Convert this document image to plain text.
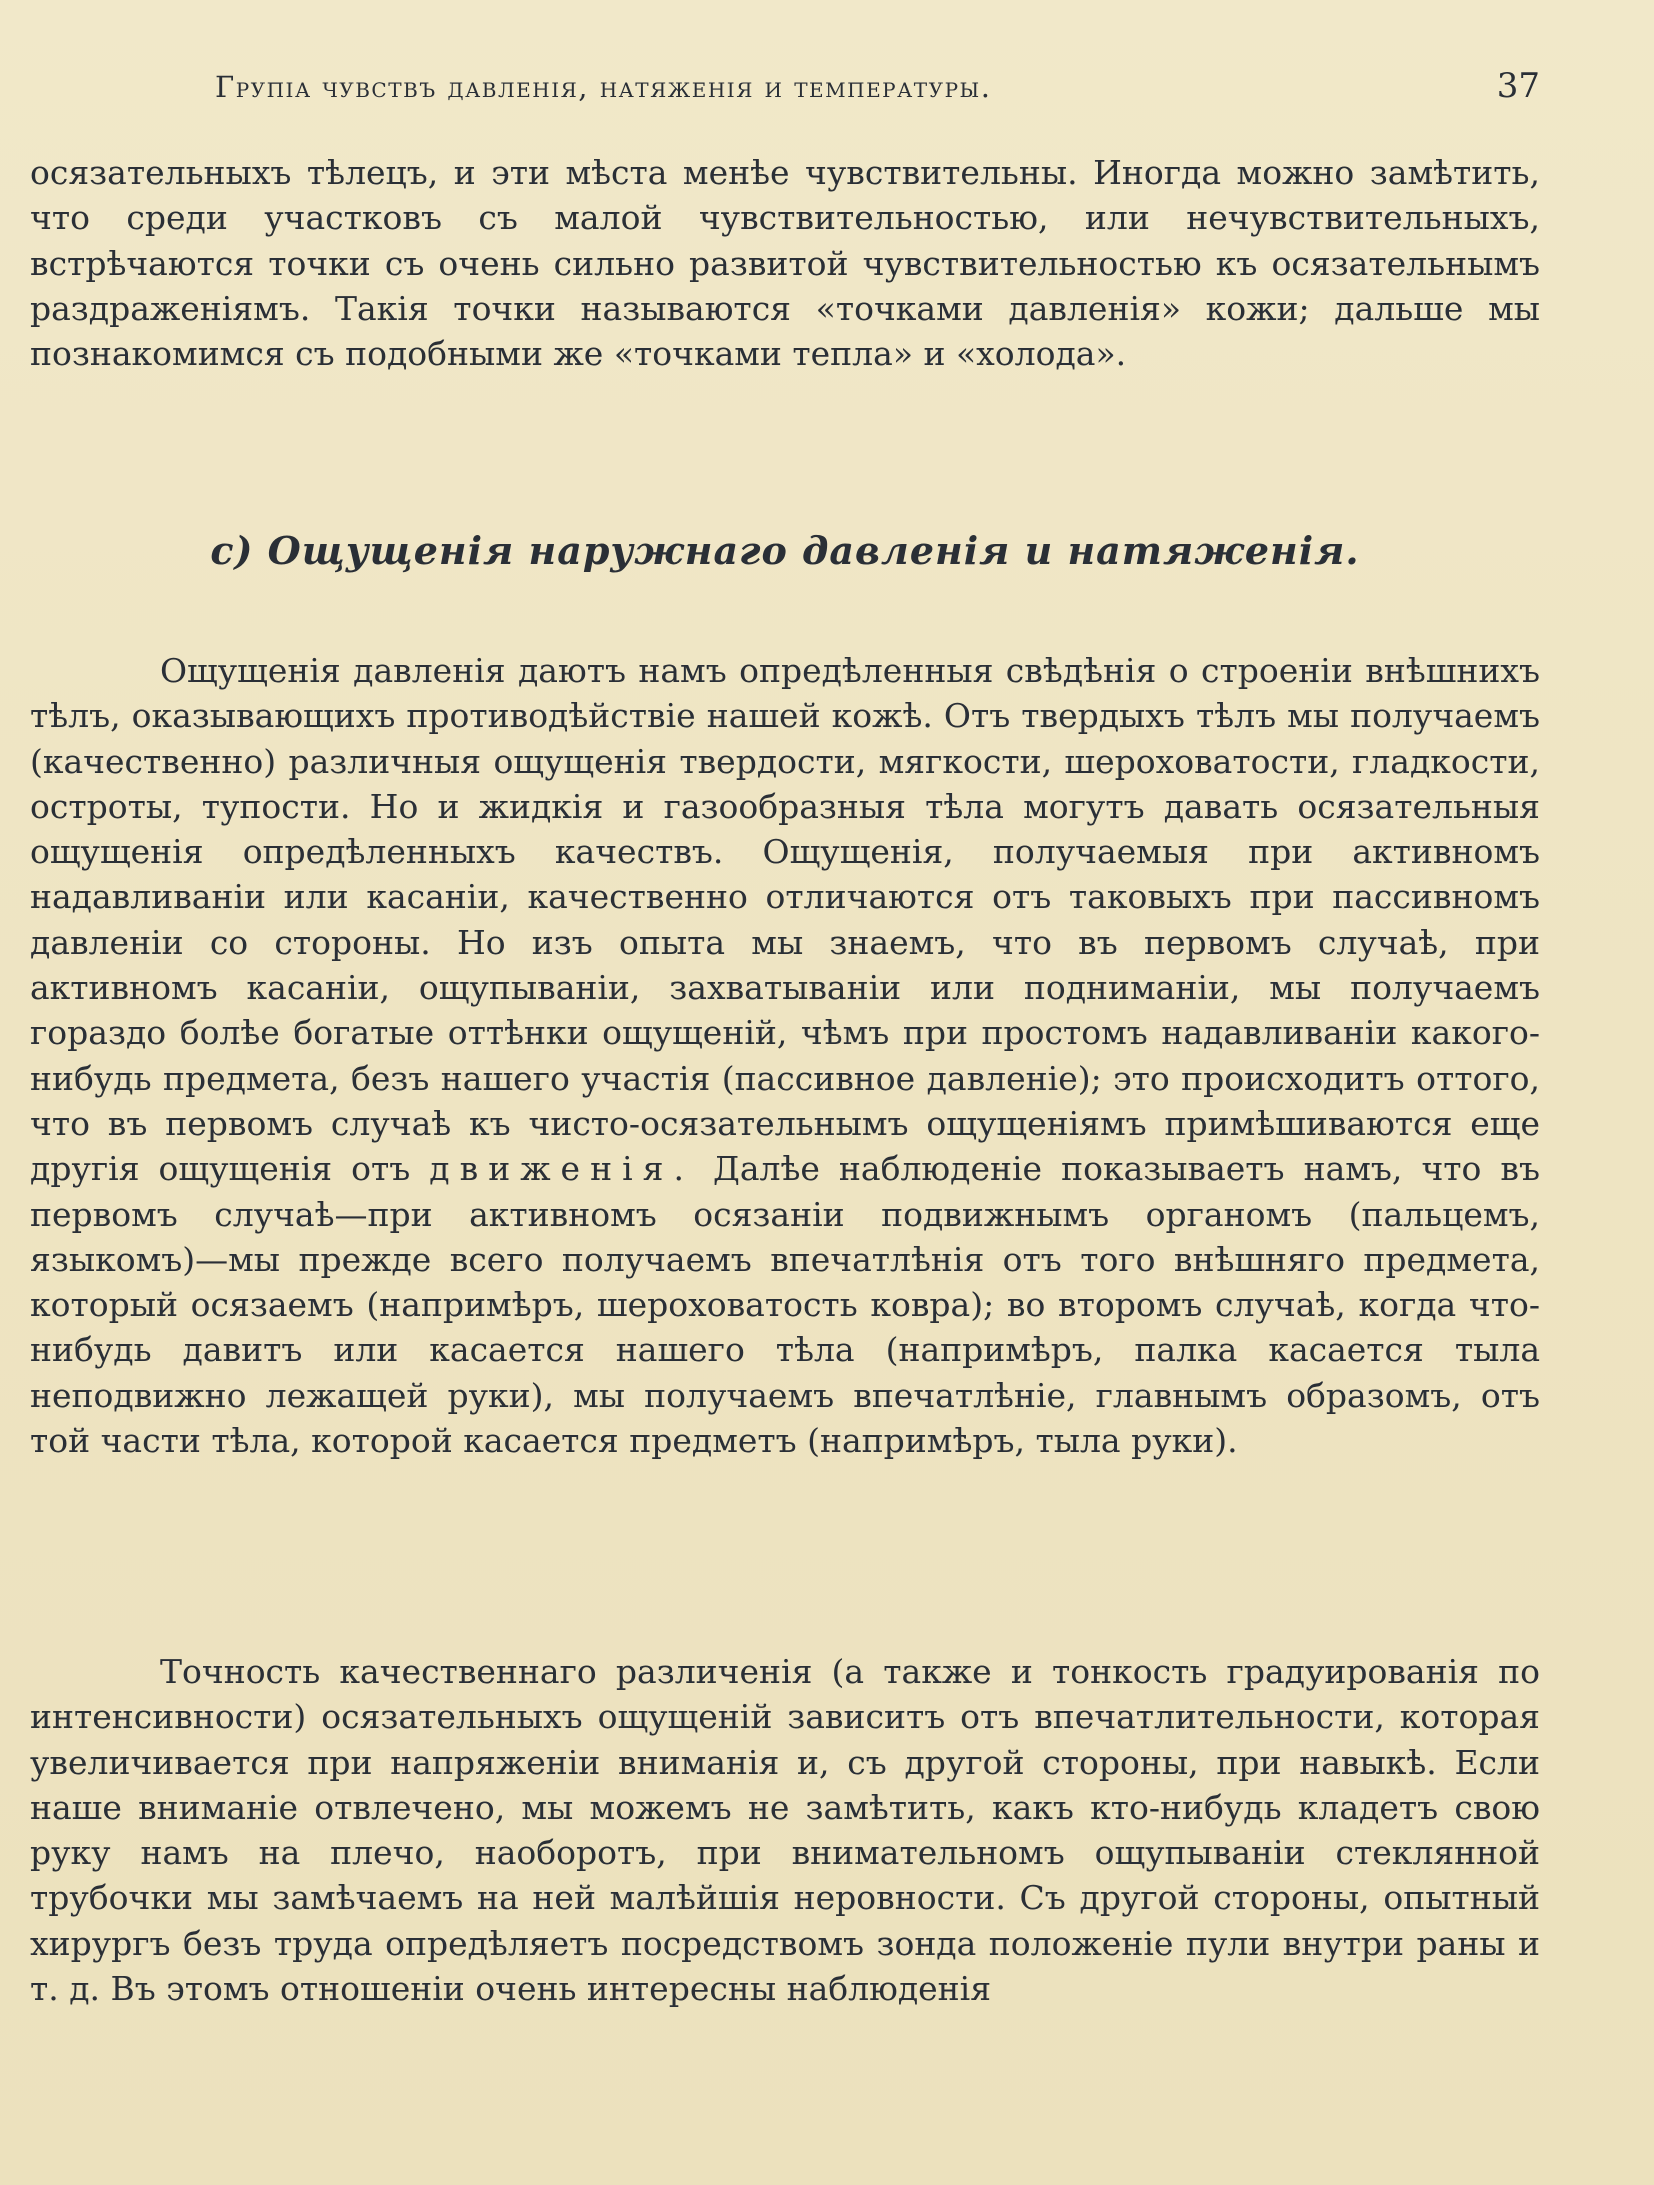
Групiа чувствъ давленiя, натяженiя и температуры.	37

осязательныхъ тѣлецъ, и эти мѣста менѣе чувствительны. Иногда можно замѣтить, что среди участковъ съ малой чувствительностью, или нечувствительныхъ, встрѣчаются точки съ очень сильно развитой чувствительностью къ осязательнымъ раздраженiямъ. Такiя точки называются «точками давленiя» кожи; дальше мы познакомимся съ подобными же «точками тепла» и «холода».

c) Ощущенiя наружнаго давленiя и натяженiя.

Ощущенiя давленiя даютъ намъ опредѣленныя свѣдѣнiя о строенiи внѣшнихъ тѣлъ, оказывающихъ противодѣйствiе нашей кожѣ. Отъ твердыхъ тѣлъ мы получаемъ (качественно) различныя ощущенiя твердости, мягкости, шероховатости, гладкости, остроты, тупости. Но и жидкiя и газообразныя тѣла могутъ давать осязательныя ощущенiя опредѣленныхъ качествъ. Ощущенiя, получаемыя при активномъ надавливанiи или касанiи, качественно отличаются отъ таковыхъ при пассивномъ давленiи со стороны. Но изъ опыта мы знаемъ, что въ первомъ случаѣ, при активномъ касанiи, ощупыванiи, захватыванiи или подниманiи, мы получаемъ гораздо болѣе богатые оттѣнки ощущенiй, чѣмъ при простомъ надавливанiи какого-нибудь предмета, безъ нашего участiя (пассивное давленiе); это происходитъ оттого, что въ первомъ случаѣ къ чисто-осязательнымъ ощущенiямъ примѣшиваются еще другiя ощущенiя отъ движенiя. Далѣе наблюденiе показываетъ намъ, что въ первомъ случаѣ—при активномъ осязанiи подвижнымъ органомъ (пальцемъ, языкомъ)—мы прежде всего получаемъ впечатлѣнiя отъ того внѣшняго предмета, который осязаемъ (напримѣръ, шероховатость ковра); во второмъ случаѣ, когда что-нибудь давитъ или касается нашего тѣла (напримѣръ, палка касается тыла неподвижно лежащей руки), мы получаемъ впечатлѣнiе, главнымъ образомъ, отъ той части тѣла, которой касается предметъ (напримѣръ, тыла руки).

Точность качественнаго различенiя (а также и тонкость градуированiя по интенсивности) осязательныхъ ощущенiй зависитъ отъ впечатлительности, которая увеличивается при напряженiи вниманiя и, съ другой стороны, при навыкѣ. Если наше вниманiе отвлечено, мы можемъ не замѣтить, какъ кто-нибудь кладетъ свою руку намъ на плечо, наоборотъ, при внимательномъ ощупыванiи стеклянной трубочки мы замѣчаемъ на ней малѣйшiя неровности. Съ другой стороны, опытный хирургъ безъ труда опредѣляетъ посредствомъ зонда положенiе пули внутри раны и т. д. Въ этомъ отношенiи очень интересны наблюденiя
